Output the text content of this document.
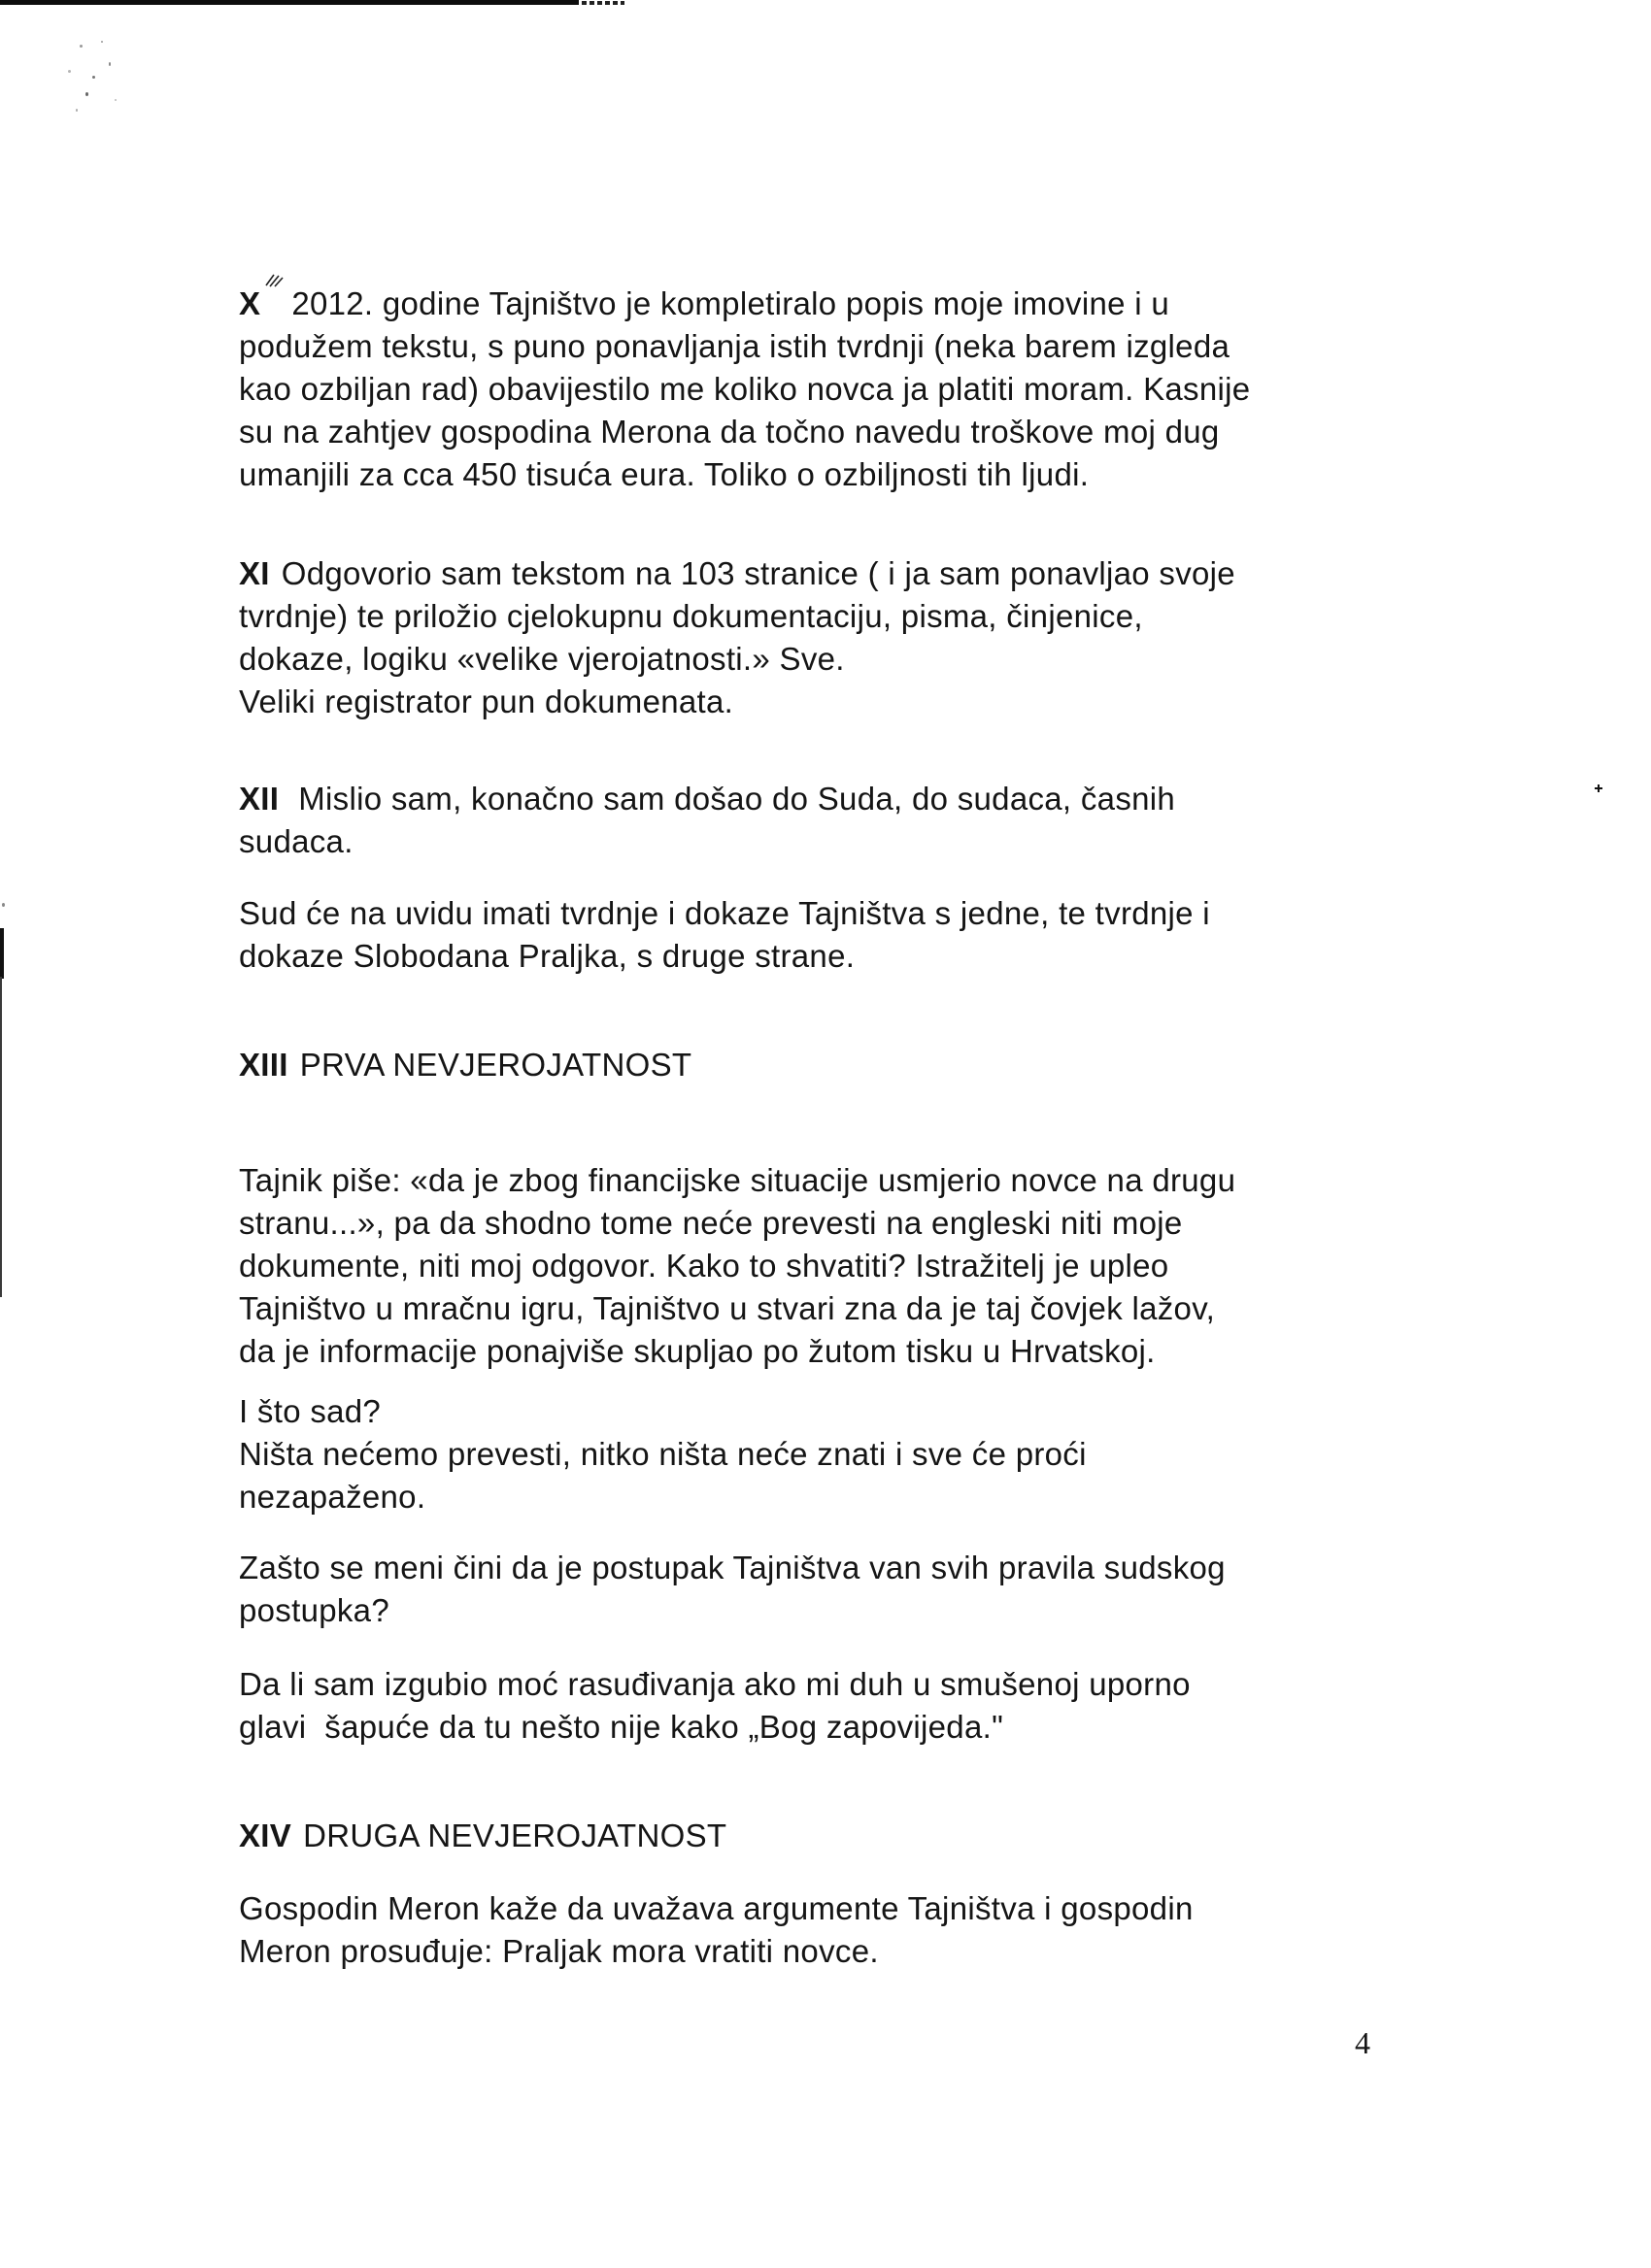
X 2012. godine Tajništvo je kompletiralo popis moje imovine i u
podužem tekstu, s puno ponavljanja istih tvrdnji (neka barem izgleda
kao ozbiljan rad) obavijestilo me koliko novca ja platiti moram. Kasnije
su na zahtjev gospodina Merona da točno navedu troškove moj dug
umanjili za cca 450 tisuća eura. Toliko o ozbiljnosti tih ljudi.
XI Odgovorio sam tekstom na 103 stranice ( i ja sam ponavljao svoje
tvrdnje) te priložio cjelokupnu dokumentaciju, pisma, činjenice,
dokaze, logiku «velike vjerojatnosti.» Sve.
Veliki registrator pun dokumenata.
XII Mislio sam, konačno sam došao do Suda, do sudaca, časnih
sudaca.
Sud će na uvidu imati tvrdnje i dokaze Tajništva s jedne, te tvrdnje i
dokaze Slobodana Praljka, s druge strane.
XIII PRVA NEVJEROJATNOST
Tajnik piše: «da je zbog financijske situacije usmjerio novce na drugu
stranu...», pa da shodno tome neće prevesti na engleski niti moje
dokumente, niti moj odgovor. Kako to shvatiti? Istražitelj je upleo
Tajništvo u mračnu igru, Tajništvo u stvari zna da je taj čovjek lažov,
da je informacije ponajviše skupljao po žutom tisku u Hrvatskoj.
I što sad?
Ništa nećemo prevesti, nitko ništa neće znati i sve će proći
nezapaženo.
Zašto se meni čini da je postupak Tajništva van svih pravila sudskog
postupka?
Da li sam izgubio moć rasuđivanja ako mi duh u smušenoj uporno
glavi  šapuće da tu nešto nije kako „Bog zapovijeda."
XIV DRUGA NEVJEROJATNOST
Gospodin Meron kaže da uvažava argumente Tajništva i gospodin
Meron prosuđuje: Praljak mora vratiti novce.
4
